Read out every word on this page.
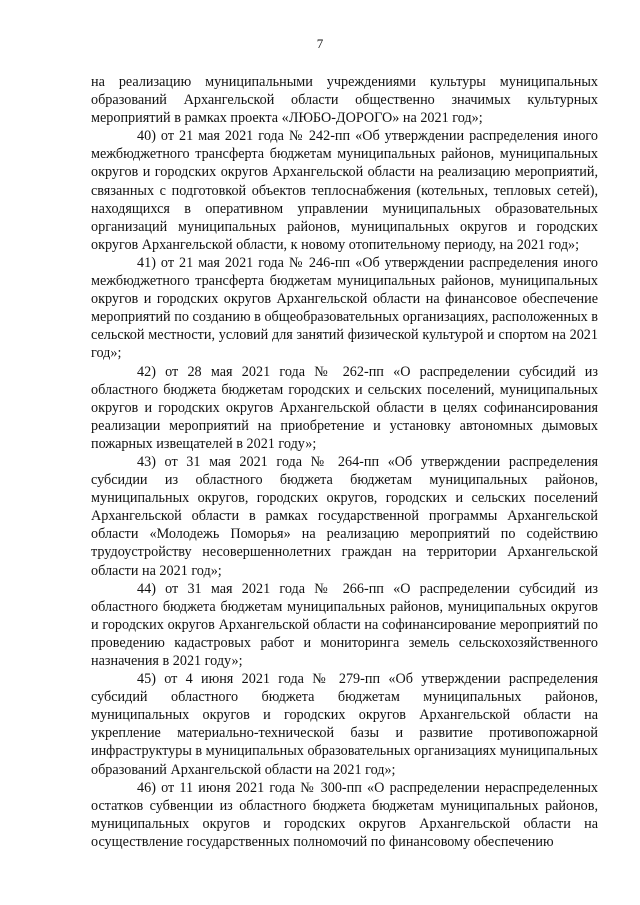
7

на реализацию муниципальными учреждениями культуры муниципальных образований Архангельской области общественно значимых культурных мероприятий в рамках проекта «ЛЮБО-ДОРОГО» на 2021 год»;

40) от 21 мая 2021 года № 242-пп «Об утверждении распределения иного межбюджетного трансферта бюджетам муниципальных районов, муниципальных округов и городских округов Архангельской области на реализацию мероприятий, связанных с подготовкой объектов теплоснабжения (котельных, тепловых сетей), находящихся в оперативном управлении муниципальных образовательных организаций муниципальных районов, муниципальных округов и городских округов Архангельской области, к новому отопительному периоду, на 2021 год»;

41) от 21 мая 2021 года № 246-пп «Об утверждении распределения иного межбюджетного трансферта бюджетам муниципальных районов, муниципальных округов и городских округов Архангельской области на финансовое обеспечение мероприятий по созданию в общеобразовательных организациях, расположенных в сельской местности, условий для занятий физической культурой и спортом на 2021 год»;

42) от 28 мая 2021 года № 262-пп «О распределении субсидий из областного бюджета бюджетам городских и сельских поселений, муниципальных округов и городских округов Архангельской области в целях софинансирования реализации мероприятий на приобретение и установку автономных дымовых пожарных извещателей в 2021 году»;

43) от 31 мая 2021 года № 264-пп «Об утверждении распределения субсидии из областного бюджета бюджетам муниципальных районов, муниципальных округов, городских округов, городских и сельских поселений Архангельской области в рамках государственной программы Архангельской области «Молодежь Поморья» на реализацию мероприятий по содействию трудоустройству несовершеннолетних граждан на территории Архангельской области на 2021 год»;

44) от 31 мая 2021 года № 266-пп «О распределении субсидий из областного бюджета бюджетам муниципальных районов, муниципальных округов и городских округов Архангельской области на софинансирование мероприятий по проведению кадастровых работ и мониторинга земель сельскохозяйственного назначения в 2021 году»;

45) от 4 июня 2021 года № 279-пп «Об утверждении распределения субсидий областного бюджета бюджетам муниципальных районов, муниципальных округов и городских округов Архангельской области на укрепление материально-технической базы и развитие противопожарной инфраструктуры в муниципальных образовательных организациях муниципальных образований Архангельской области на 2021 год»;

46) от 11 июня 2021 года № 300-пп «О распределении нераспределенных остатков субвенции из областного бюджета бюджетам муниципальных районов, муниципальных округов и городских округов Архангельской области на осуществление государственных полномочий по финансовому обеспечению
